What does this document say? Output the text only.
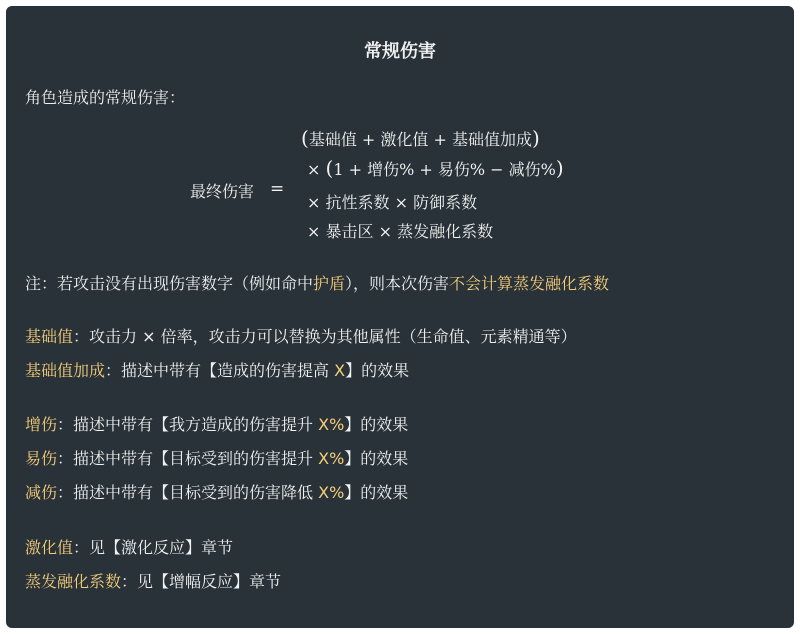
常规伤害
角色造成的常规伤害：
最终伤害 =
(基础值 + 激化值 + 基础值加成)
× (1 + 增伤% + 易伤% − 减伤%)
× 抗性系数 × 防御系数
× 暴击区 × 蒸发融化系数
注：若攻击没有出现伤害数字（例如命中护盾），则本次伤害不会计算蒸发融化系数
基础值：攻击力 × 倍率，攻击力可以替换为其他属性（生命值、元素精通等）
基础值加成：描述中带有【造成的伤害提高 X】的效果
增伤：描述中带有【我方造成的伤害提升 X%】的效果
易伤：描述中带有【目标受到的伤害提升 X%】的效果
减伤：描述中带有【目标受到的伤害降低 X%】的效果
激化值：见【激化反应】章节
蒸发融化系数：见【增幅反应】章节
